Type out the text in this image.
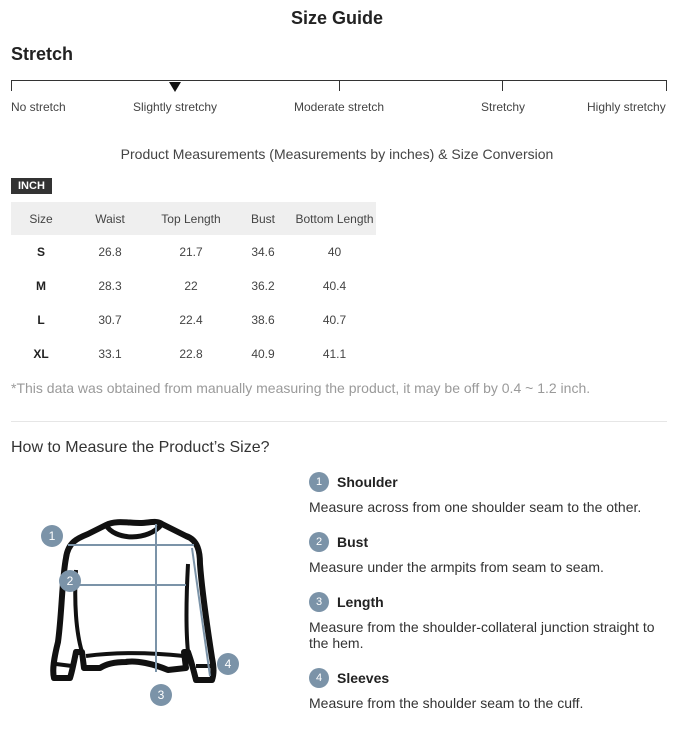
Size Guide
Stretch
No stretch	Slightly stretchy	Moderate stretch	Stretchy	Highly stretchy
Product Measurements (Measurements by inches) & Size Conversion
INCH
Size	Waist	Top Length	Bust	Bottom Length
S	26.8	21.7	34.6	40
M	28.3	22	36.2	40.4
L	30.7	22.4	38.6	40.7
XL	33.1	22.8	40.9	41.1
*This data was obtained from manually measuring the product, it may be off by 0.4 ~ 1.2 inch.
How to Measure the Product’s Size?
1
2
3
4
1	Shoulder
Measure across from one shoulder seam to the other.
2	Bust
Measure under the armpits from seam to seam.
3	Length
Measure from the shoulder-collateral junction straight to the hem.
4	Sleeves
Measure from the shoulder seam to the cuff.
